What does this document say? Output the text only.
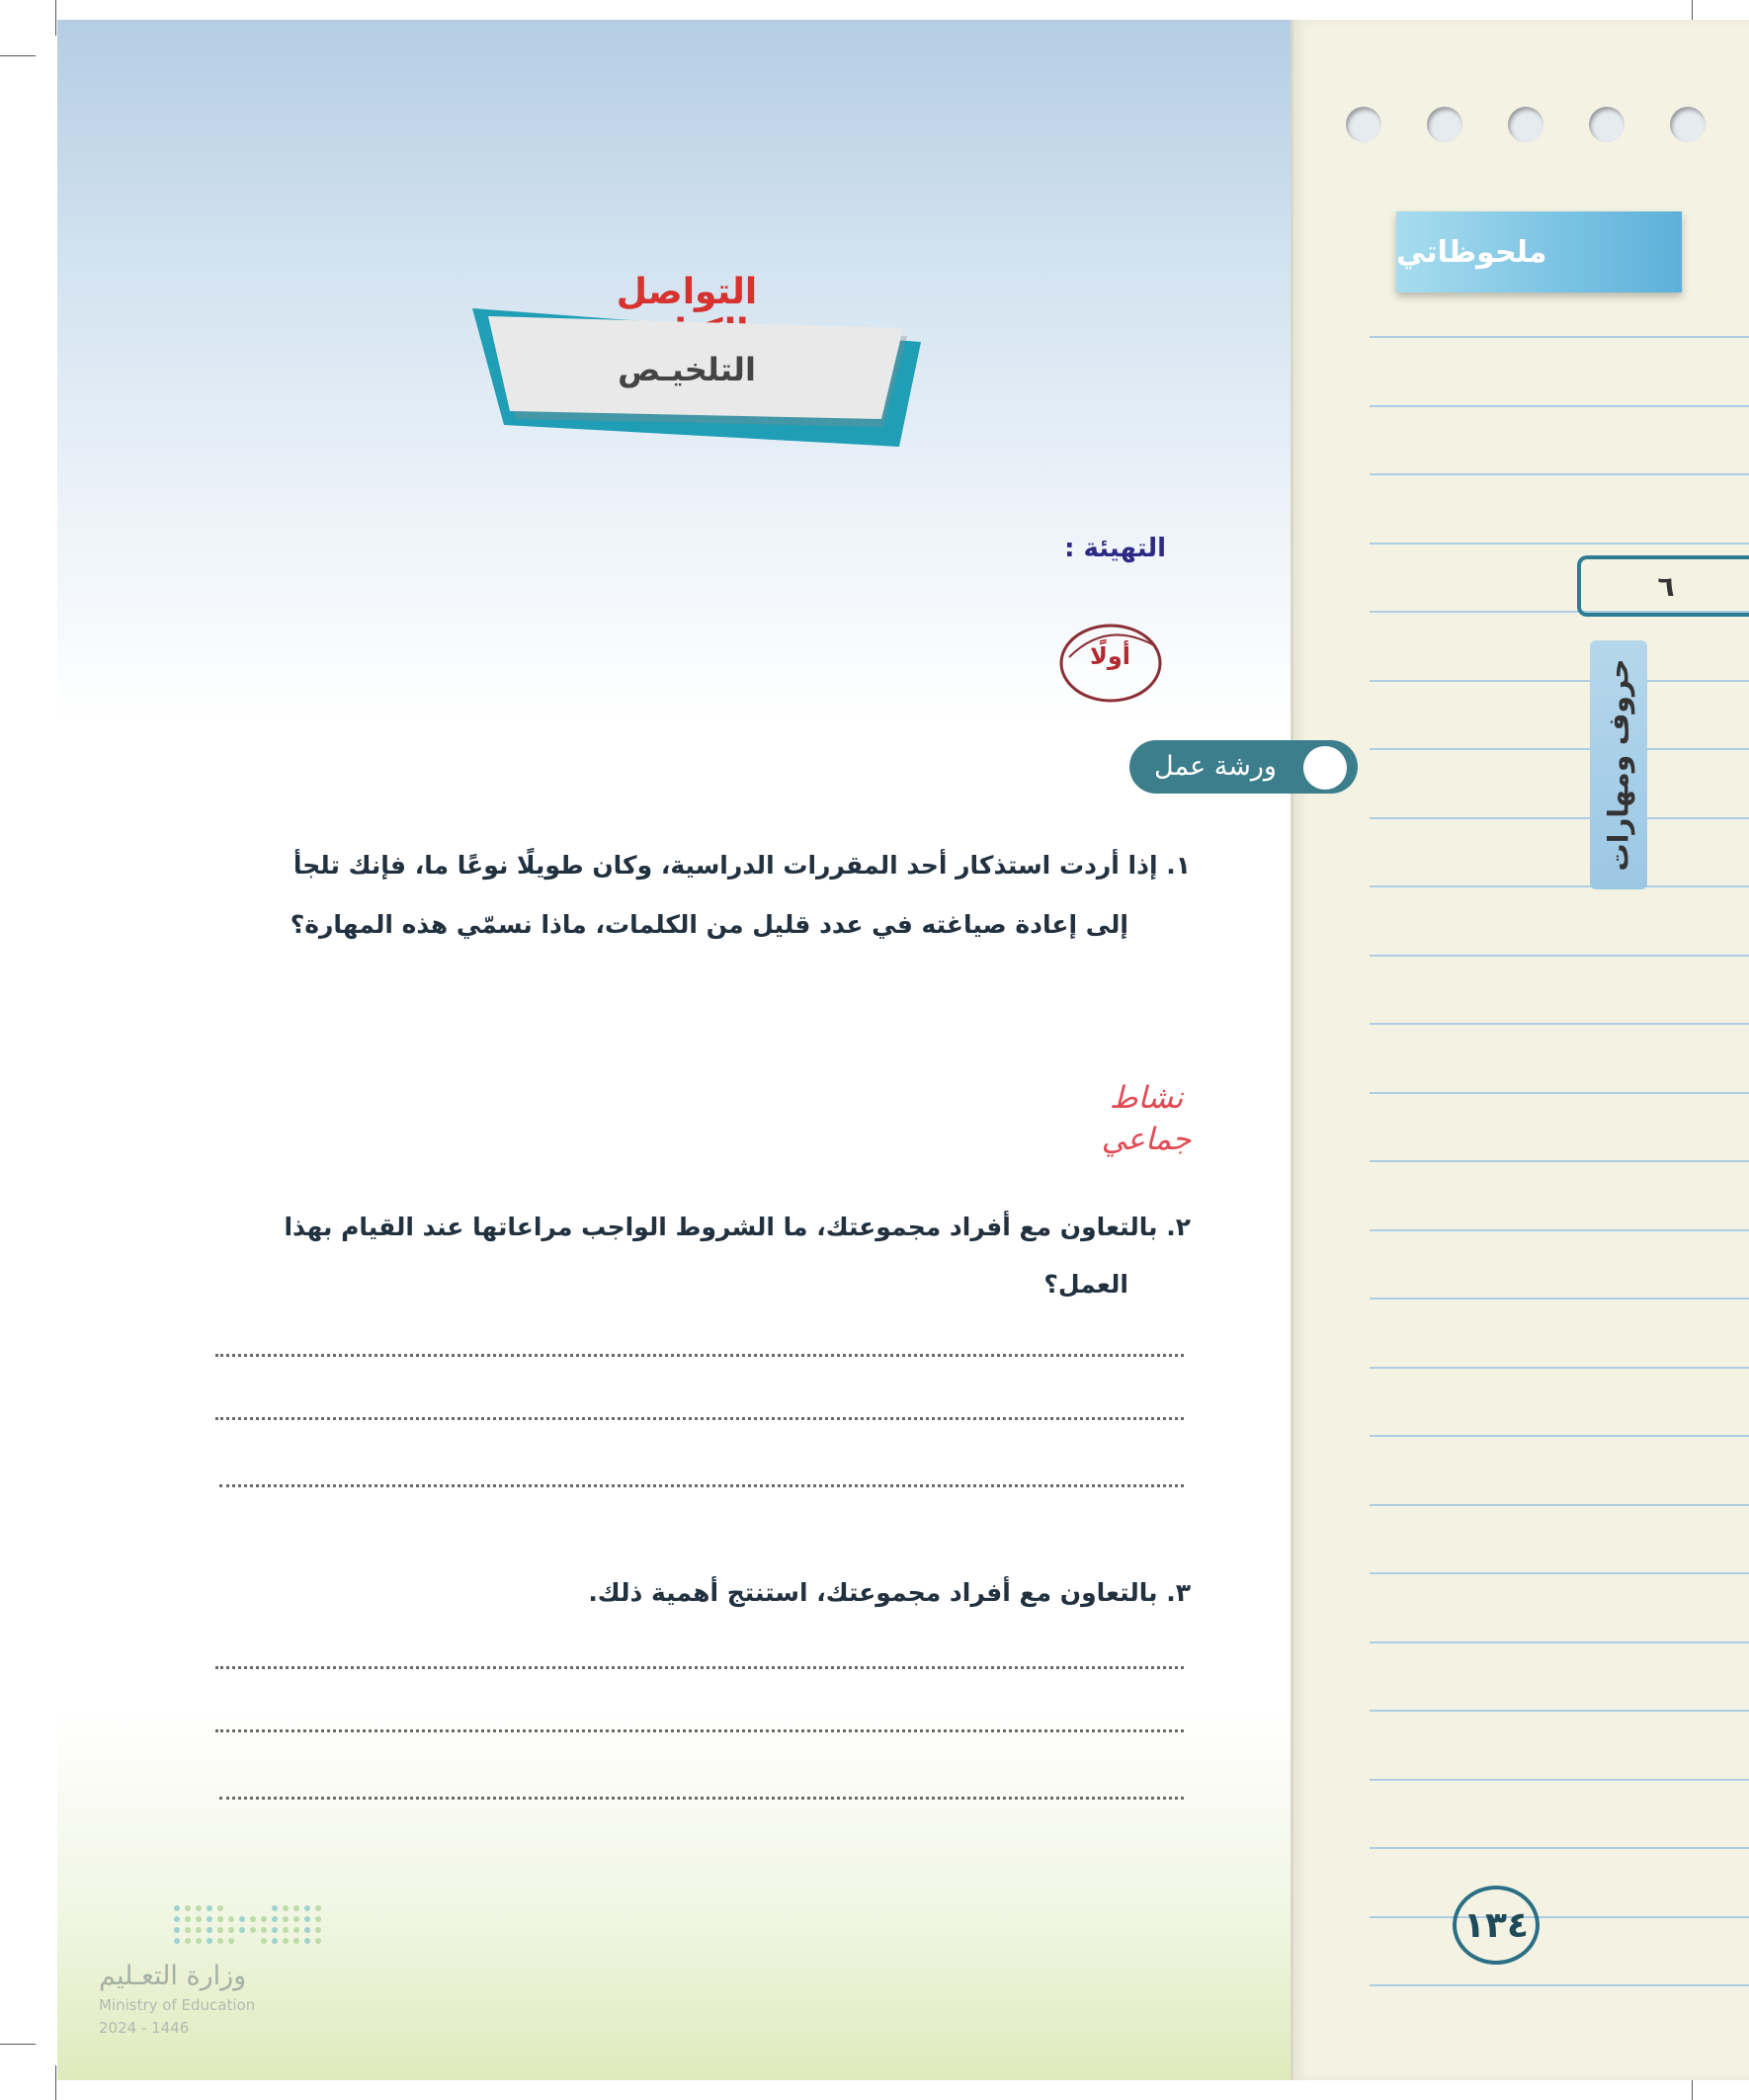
ملحوظاتي
٦
حروف ومهارات
١٣٤
التواصل
التلخيـص
التهيئة :
أولًا
ورشة عمل
١. إذا أردت استذكار أحد المقررات الدراسية، وكان طويلًا نوعًا ما، فإنك تلجأ
إلى إعادة صياغته في عدد قليل من الكلمات، ماذا نسمّي هذه المهارة؟
نشاط
جماعي
٢. بالتعاون مع أفراد مجموعتك، ما الشروط الواجب مراعاتها عند القيام بهذا
العمل؟
٣. بالتعاون مع أفراد مجموعتك، استنتج أهمية ذلك.
وزارة التعـليم
Ministry of Education
2024 - 1446
